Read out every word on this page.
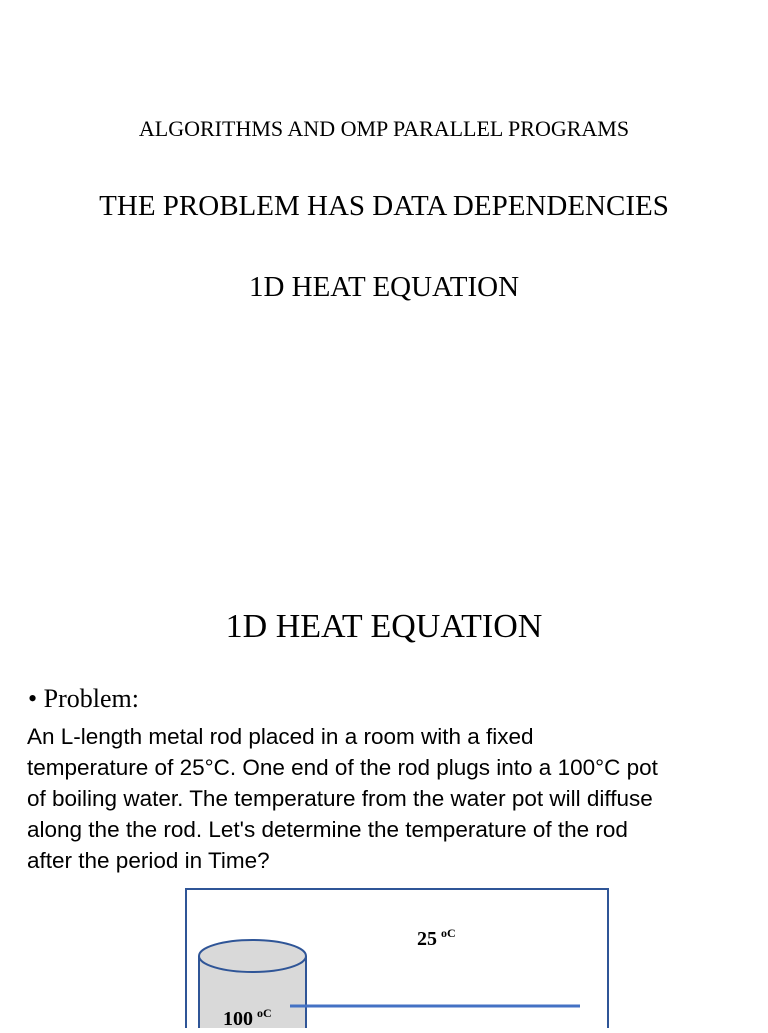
ALGORITHMS AND OMP PARALLEL PROGRAMS
THE PROBLEM HAS DATA DEPENDENCIES
1D HEAT EQUATION
1D HEAT EQUATION
• Problem:
An L-length metal rod placed in a room with a fixed
temperature of 25°C. One end of the rod plugs into a 100°C pot
of boiling water. The temperature from the water pot will diffuse
along the the rod. Let's determine the temperature of the rod
after the period in Time?
25 $^{oC}$
100 $^{oC}$
